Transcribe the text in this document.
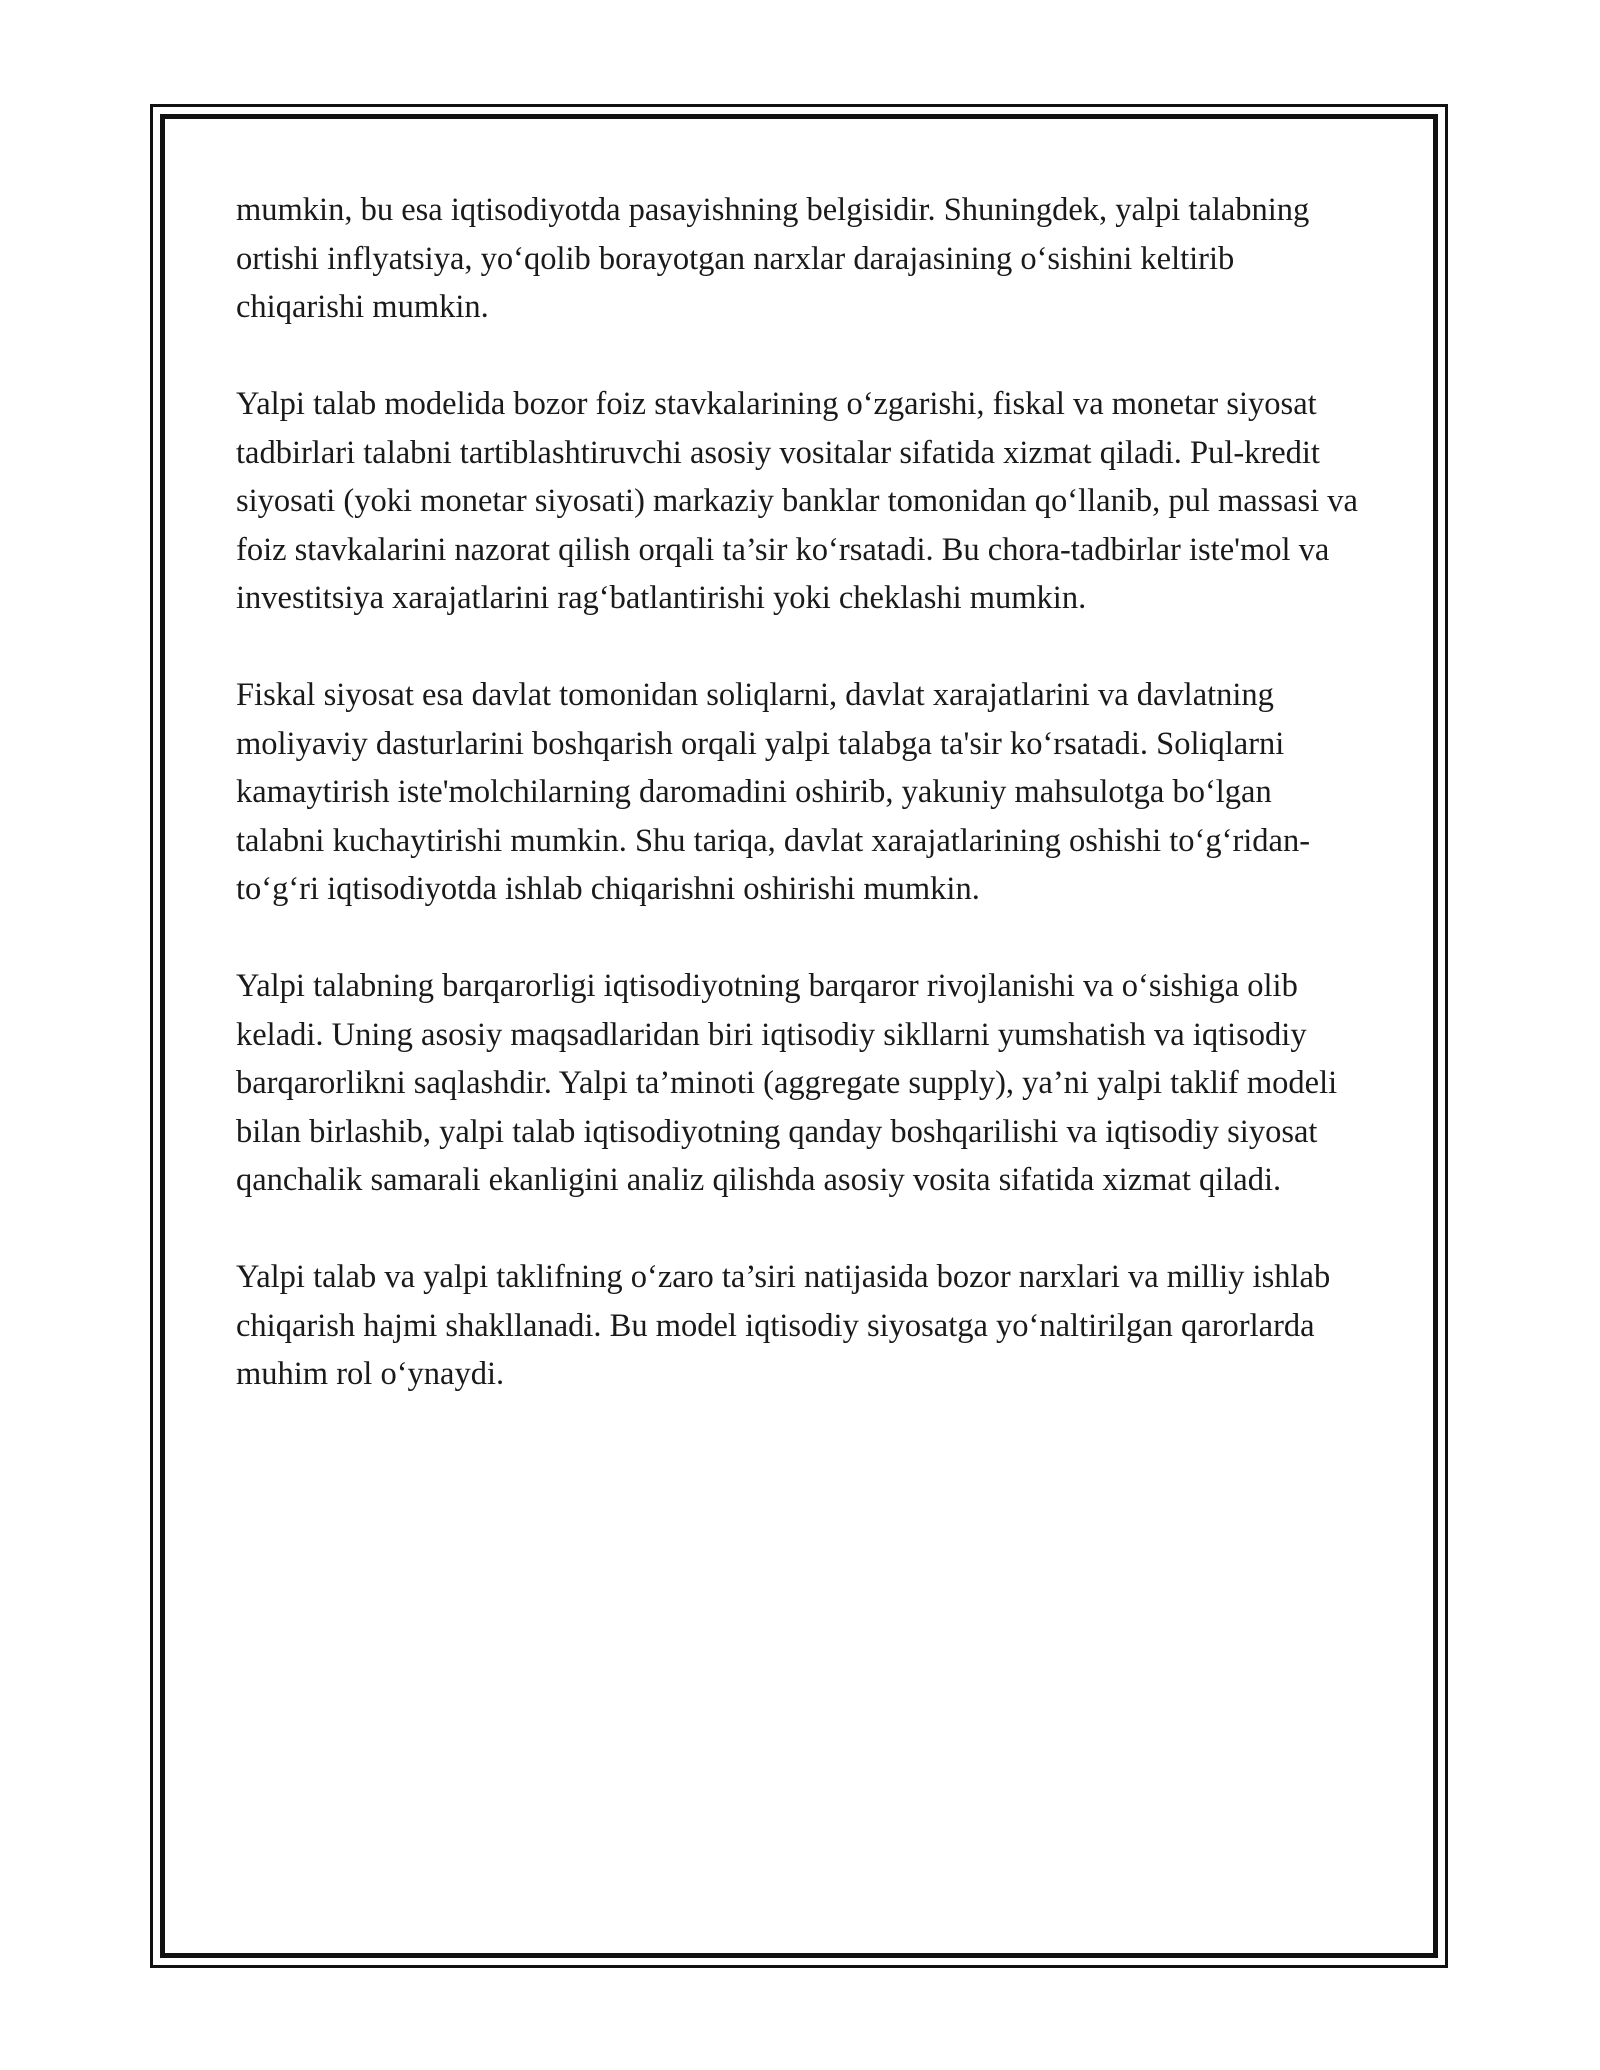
mumkin, bu esa iqtisodiyotda pasayishning belgisidir. Shuningdek, yalpi talabning ortishi inflyatsiya, yo‘qolib borayotgan narxlar darajasining o‘sishini keltirib chiqarishi mumkin.

Yalpi talab modelida bozor foiz stavkalarining o‘zgarishi, fiskal va monetar siyosat tadbirlari talabni tartiblashtiruvchi asosiy vositalar sifatida xizmat qiladi. Pul-kredit siyosati (yoki monetar siyosati) markaziy banklar tomonidan qo‘llanib, pul massasi va foiz stavkalarini nazorat qilish orqali ta’sir ko‘rsatadi. Bu chora-tadbirlar iste'mol va investitsiya xarajatlarini rag‘batlantirishi yoki cheklashi mumkin.

Fiskal siyosat esa davlat tomonidan soliqlarni, davlat xarajatlarini va davlatning moliyaviy dasturlarini boshqarish orqali yalpi talabga ta'sir ko‘rsatadi. Soliqlarni kamaytirish iste'molchilarning daromadini oshirib, yakuniy mahsulotga bo‘lgan talabni kuchaytirishi mumkin. Shu tariqa, davlat xarajatlarining oshishi to‘g‘ridan-to‘g‘ri iqtisodiyotda ishlab chiqarishni oshirishi mumkin.

Yalpi talabning barqarorligi iqtisodiyotning barqaror rivojlanishi va o‘sishiga olib keladi. Uning asosiy maqsadlaridan biri iqtisodiy sikllarni yumshatish va iqtisodiy barqarorlikni saqlashdir. Yalpi ta’minoti (aggregate supply), ya’ni yalpi taklif modeli bilan birlashib, yalpi talab iqtisodiyotning qanday boshqarilishi va iqtisodiy siyosat qanchalik samarali ekanligini analiz qilishda asosiy vosita sifatida xizmat qiladi.

Yalpi talab va yalpi taklifning o‘zaro ta’siri natijasida bozor narxlari va milliy ishlab chiqarish hajmi shakllanadi. Bu model iqtisodiy siyosatga yo‘naltirilgan qarorlarda muhim rol o‘ynaydi.
